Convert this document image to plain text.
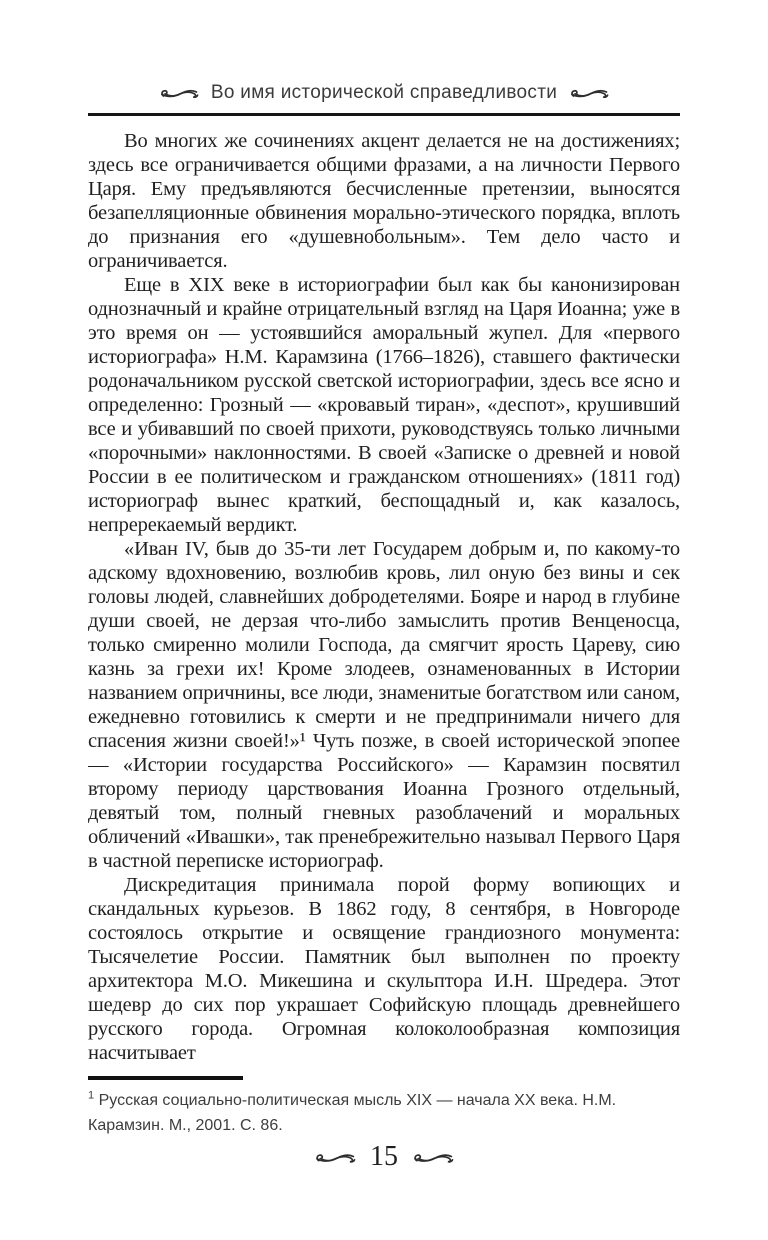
Во имя исторической справедливости

Во многих же сочинениях акцент делается не на достижениях; здесь все ограничивается общими фразами, а на личности Первого Царя. Ему предъявляются бесчисленные претензии, выносятся безапелляционные обвинения морально-этического порядка, вплоть до признания его «душевнобольным». Тем дело часто и ограничивается.

Еще в XIX веке в историографии был как бы канонизирован однозначный и крайне отрицательный взгляд на Царя Иоанна; уже в это время он — устоявшийся аморальный жупел. Для «первого историографа» Н.М. Карамзина (1766–1826), ставшего фактически родоначальником русской светской историографии, здесь все ясно и определенно: Грозный — «кровавый тиран», «деспот», крушивший все и убивавший по своей прихоти, руководствуясь только личными «порочными» наклонностями. В своей «Записке о древней и новой России в ее политическом и гражданском отношениях» (1811 год) историограф вынес краткий, беспощадный и, как казалось, непререкаемый вердикт.

«Иван IV, быв до 35-ти лет Государем добрым и, по какому-то адскому вдохновению, возлюбив кровь, лил оную без вины и сек головы людей, славнейших добродетелями. Бояре и народ в глубине души своей, не дерзая что-либо замыслить против Венценосца, только смиренно молили Господа, да смягчит ярость Цареву, сию казнь за грехи их! Кроме злодеев, ознаменованных в Истории названием опричнины, все люди, знаменитые богатством или саном, ежедневно готовились к смерти и не предпринимали ничего для спасения жизни своей!»¹ Чуть позже, в своей исторической эпопее — «Истории государства Российского» — Карамзин посвятил второму периоду царствования Иоанна Грозного отдельный, девятый том, полный гневных разоблачений и моральных обличений «Ивашки», так пренебрежительно называл Первого Царя в частной переписке историограф.

Дискредитация принимала порой форму вопиющих и скандальных курьезов. В 1862 году, 8 сентября, в Новгороде состоялось открытие и освящение грандиозного монумента: Тысячелетие России. Памятник был выполнен по проекту архитектора М.О. Микешина и скульптора И.Н. Шредера. Этот шедевр до сих пор украшает Софийскую площадь древнейшего русского города. Огромная колоколообразная композиция насчитывает

$^1$ Русская социально-политическая мысль XIX — начала XX века. Н.М. Карамзин. М., 2001. С. 86.

15
